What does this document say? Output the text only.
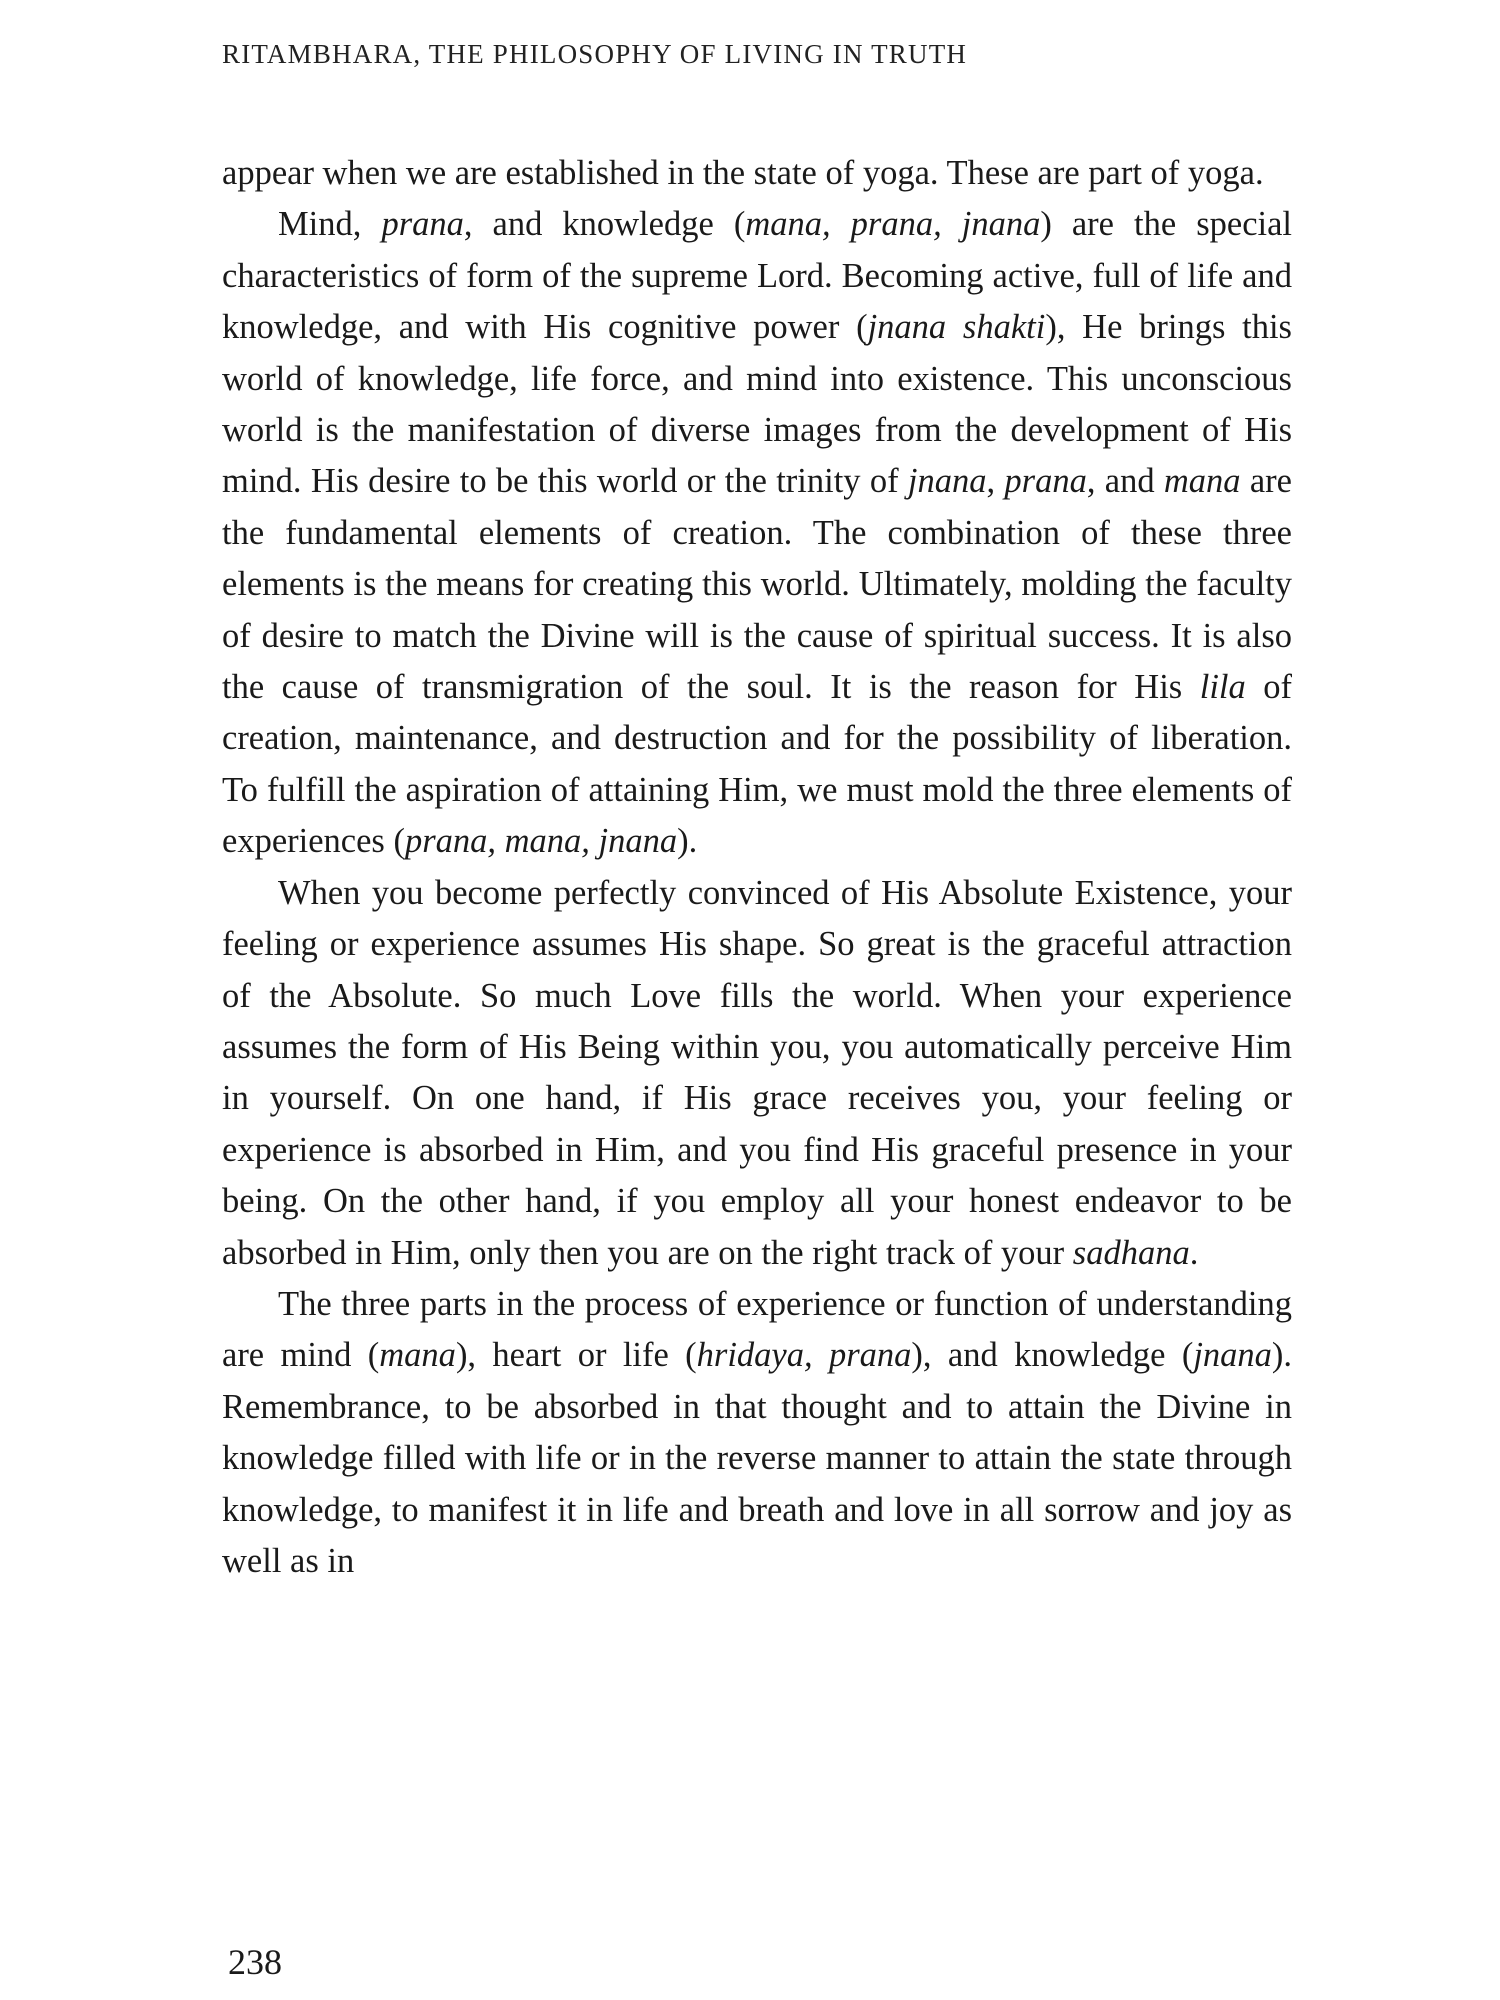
RITAMBHARA, THE PHILOSOPHY OF LIVING IN TRUTH

appear when we are established in the state of yoga. These are part of yoga.

Mind, prana, and knowledge (mana, prana, jnana) are the special characteristics of form of the supreme Lord. Becoming active, full of life and knowledge, and with His cognitive power (jnana shakti), He brings this world of knowledge, life force, and mind into existence. This unconscious world is the manifestation of diverse images from the development of His mind. His desire to be this world or the trinity of jnana, prana, and mana are the fundamental elements of creation. The combination of these three elements is the means for creating this world. Ultimately, molding the faculty of desire to match the Divine will is the cause of spiritual success. It is also the cause of transmigration of the soul. It is the reason for His lila of creation, maintenance, and destruction and for the possibility of liberation. To fulfill the aspiration of attaining Him, we must mold the three elements of experiences (prana, mana, jnana).

When you become perfectly convinced of His Absolute Existence, your feeling or experience assumes His shape. So great is the graceful attraction of the Absolute. So much Love fills the world. When your experience assumes the form of His Being within you, you automatically perceive Him in yourself. On one hand, if His grace receives you, your feeling or experience is absorbed in Him, and you find His graceful presence in your being. On the other hand, if you employ all your honest endeavor to be absorbed in Him, only then you are on the right track of your sadhana.

The three parts in the process of experience or function of understanding are mind (mana), heart or life (hridaya, prana), and knowledge (jnana). Remembrance, to be absorbed in that thought and to attain the Divine in knowledge filled with life or in the reverse manner to attain the state through knowledge, to manifest it in life and breath and love in all sorrow and joy as well as in

238
